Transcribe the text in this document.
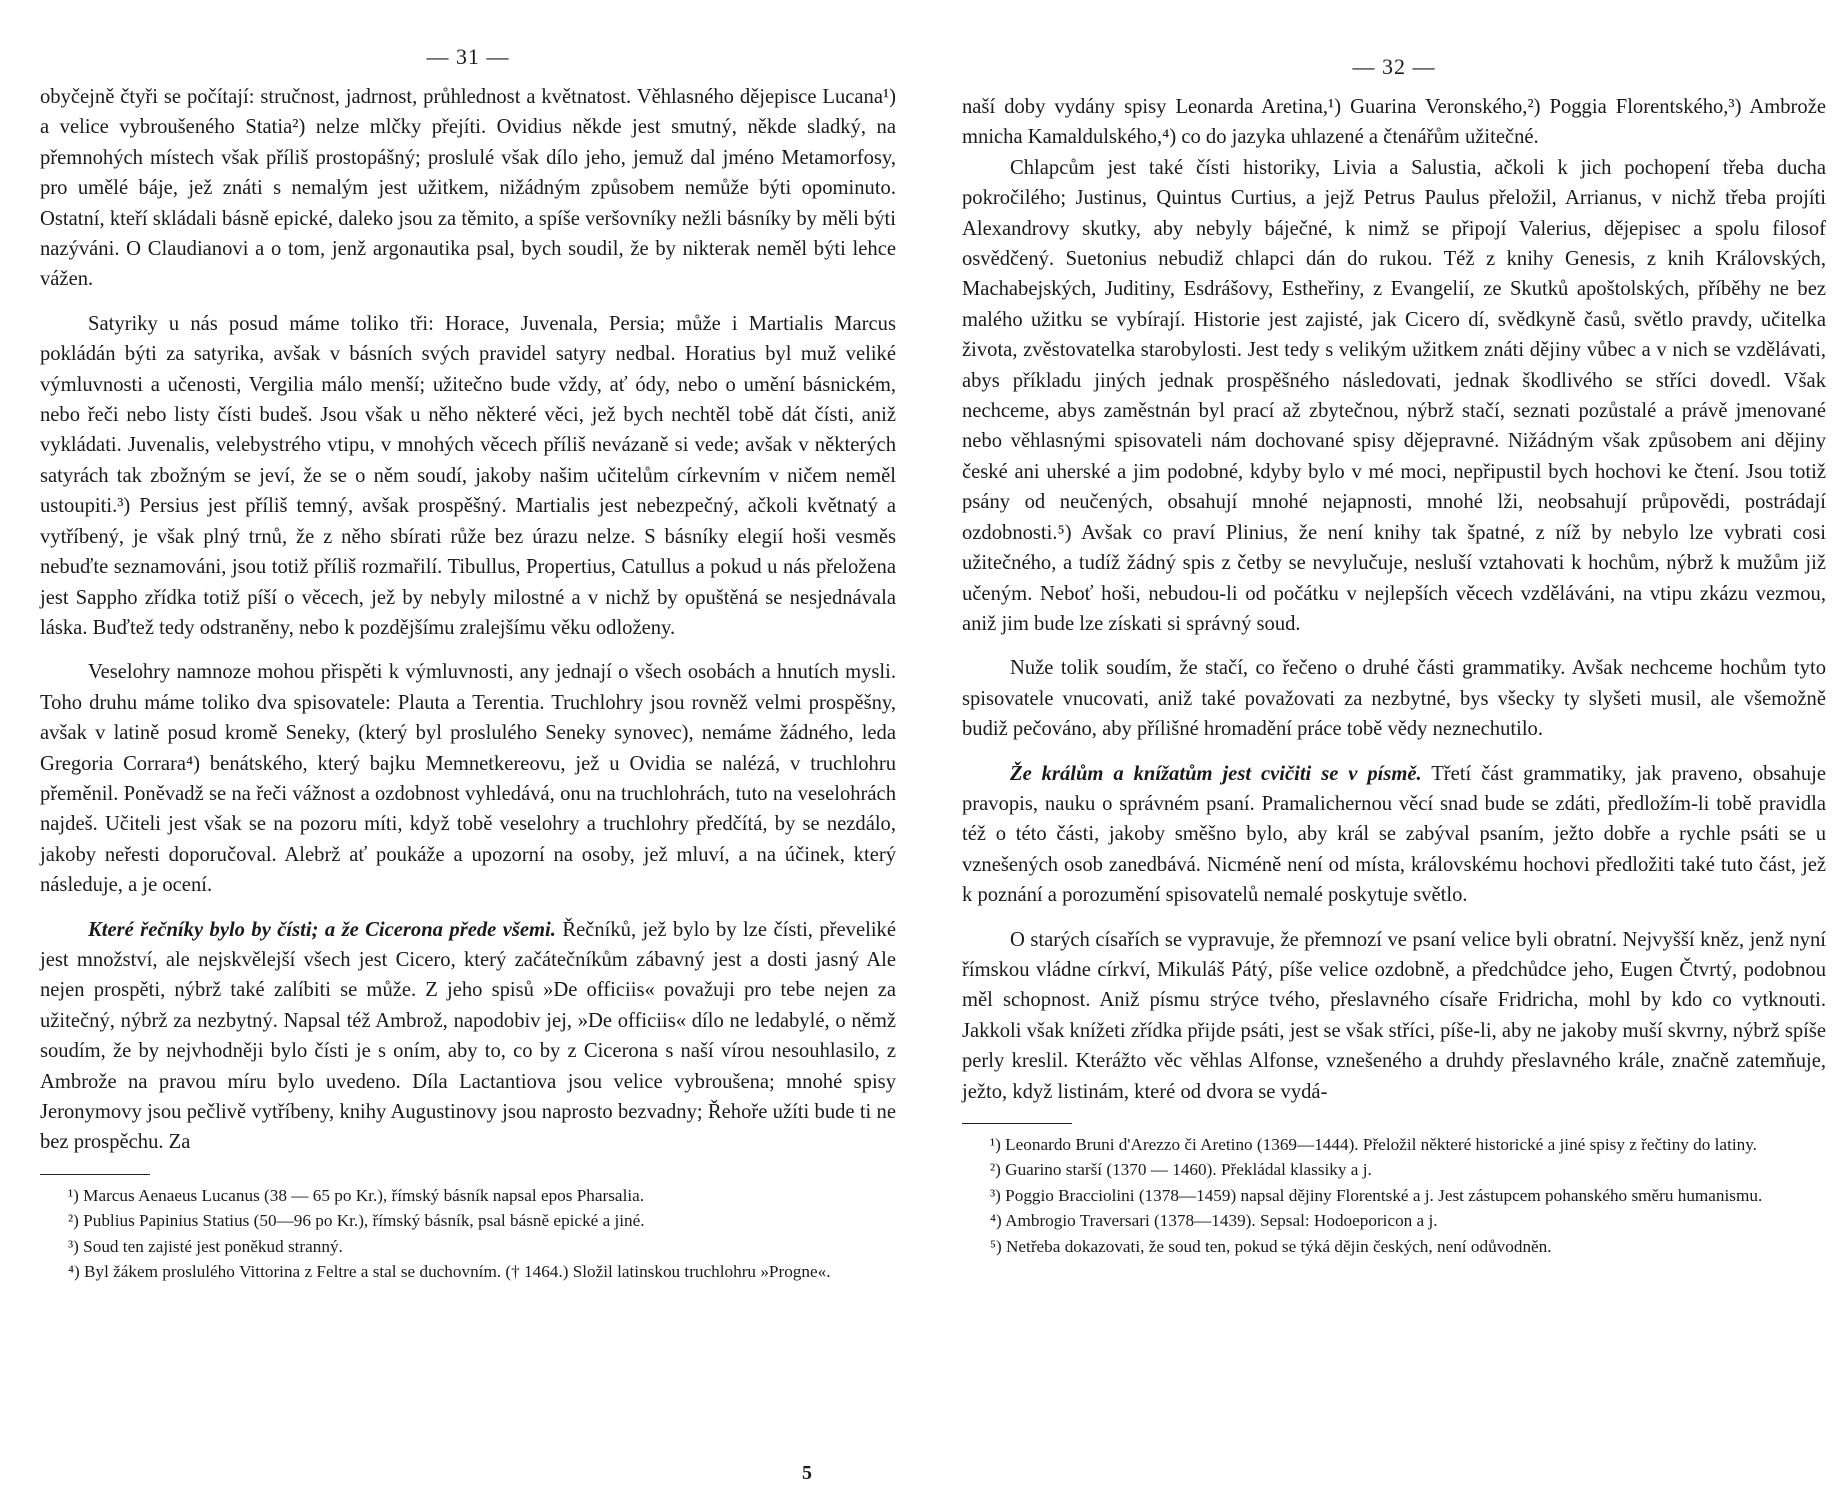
— 31 —

obyčejně čtyři se počítají: stručnost, jadrnost, průhlednost a květnatost. Věhlasného dějepisce Lucana¹) a velice vybroušeného Statia²) nelze mlčky přejíti. Ovidius někde jest smutný, někde sladký, na přemnohých místech však příliš prostopášný; proslulé však dílo jeho, jemuž dal jméno Metamorfosy, pro umělé báje, jež znáti s nemalým jest užitkem, nižádným způsobem nemůže býti opominuto. Ostatní, kteří skládali básně epické, daleko jsou za těmito, a spíše veršovníky nežli básníky by měli býti nazýváni. O Claudianovi a o tom, jenž argonautika psal, bych soudil, že by nikterak neměl býti lehce vážen.

Satyriky u nás posud máme toliko tři: Horace, Juvenala, Persia; může i Martialis Marcus pokládán býti za satyrika, avšak v básních svých pravidel satyry nedbal. Horatius byl muž veliké výmluvnosti a učenosti, Vergilia málo menší; užitečno bude vždy, ať ódy, nebo o umění básnickém, nebo řeči nebo listy čísti budeš. Jsou však u něho některé věci, jež bych nechtěl tobě dát čísti, aniž vykládati. Juvenalis, velebystrého vtipu, v mnohých věcech příliš nevázaně si vede; avšak v některých satyrách tak zbožným se jeví, že se o něm soudí, jakoby našim učitelům církevním v ničem neměl ustoupiti.³) Persius jest příliš temný, avšak prospěšný. Martialis jest nebezpečný, ačkoli květnatý a vytříbený, je však plný trnů, že z něho sbírati růže bez úrazu nelze. S básníky elegií hoši vesměs nebuďte seznamováni, jsou totiž příliš rozmařilí. Tibullus, Propertius, Catullus a pokud u nás přeložena jest Sappho zřídka totiž píší o věcech, jež by nebyly milostné a v nichž by opuštěná se nesjednávala láska. Buďtež tedy odstraněny, nebo k pozdějšímu zralejšímu věku odloženy.

Veselohry namnoze mohou přispěti k výmluvnosti, any jednají o všech osobách a hnutích mysli. Toho druhu máme toliko dva spisovatele: Plauta a Terentia. Truchlohry jsou rovněž velmi prospěšny, avšak v latině posud kromě Seneky, (který byl prosluléhо Seneky synovec), nemáme žádného, leda Gregoria Corrara⁴) benátského, který bajku Memnetkereovu, jež u Ovidia se nalézá, v truchlohru přeměnil. Poněvadž se na řeči vážnost a ozdobnost vyhledává, onu na truchlohrách, tuto na veselohrách najdeš. Učiteli jest však se na pozoru míti, když tobě veselohry a truchlohry předčítá, by se nezdálo, jakoby neřesti doporučoval. Alebrž ať poukáže a upozorní na osoby, jež mluví, a na účinek, který následuje, a je ocení.

Které řečníky bylo by čísti; a že Cicerona přede všemi. Řečníků, jež bylo by lze čísti, převeliké jest množství, ale nejskvělejší všech jest Cicero, který začátečníkům zábavný jest a dosti jasný Ale nejen prospěti, nýbrž také zalíbiti se může. Z jeho spisů »De officiis« považuji pro tebe nejen za užitečný, nýbrž za nezbytný. Napsal též Ambrož, napodobiv jej, »De officiis« dílo ne ledabylé, o němž soudím, že by nejvhodněji bylo čísti je s oním, aby to, co by z Cicerona s naší vírou nesouhlasilo, z Ambrože na pravou míru bylo uvedeno. Díla Lactantiova jsou velice vybroušena; mnohé spisy Jeronymovy jsou pečlivě vytříbeny, knihy Augustinovy jsou naprosto bezvadny; Řehoře užíti bude ti ne bez prospěchu. Za

¹) Marcus Aenaeus Lucanus (38 — 65 po Kr.), římský básník napsal epos Pharsalia.

²) Publius Papinius Statius (50—96 po Kr.), římský básník, psal básně epické a jiné.

³) Soud ten zajisté jest poněkud stranný.

⁴) Byl žákem prosluléhо Vittorina z Feltre a stal se duchovním. († 1464.) Složil latinskou truchlohru »Progne«.

5
— 32 —

naší doby vydány spisy Leonarda Aretina,¹) Guarina Veronského,²) Poggia Florentského,³) Ambrože mnicha Kamaldulského,⁴) co do jazyka uhlazené a čtenářům užitečné.

Chlapcům jest také čísti historiky, Livia a Salustia, ačkoli k jich pochopení třeba ducha pokročilého; Justinus, Quintus Curtius, a jejž Petrus Paulus přeložil, Arrianus, v nichž třeba projíti Alexandrovy skutky, aby nebyly báječné, k nimž se připojí Valerius, dějepisec a spolu filosof osvědčený. Suetonius nebudiž chlapci dán do rukou. Též z knihy Genesis, z knih Královských, Machabejských, Juditiny, Esdrášovy, Estheřiny, z Evangelií, ze Skutků apoštolských, příběhy ne bez malého užitku se vybírají. Historie jest zajisté, jak Cicero dí, svědkyně časů, světlo pravdy, učitelka života, zvěstovatelka starobylosti. Jest tedy s velikým užitkem znáti dějiny vůbec a v nich se vzdělávati, abys příkladu jiných jednak prospěšného následovati, jednak škodlivého se stříci dovedl. Však nechceme, abys zaměstnán byl prací až zbytečnou, nýbrž stačí, seznati pozůstalé a právě jmenované nebo věhlasnými spisovateli nám dochované spisy dějepravné. Nižádným však způsobem ani dějiny české ani uherské a jim podobné, kdyby bylo v mé moci, nepřipustil bych hochovi ke čtení. Jsou totiž psány od neučených, obsahují mnohé nejapnosti, mnohé lži, neobsahují průpovědi, postrádají ozdobnosti.⁵) Avšak co praví Plinius, že není knihy tak špatné, z níž by nebylo lze vybrati cosi užitečného, a tudíž žádný spis z četby se nevylučuje, nesluší vztahovati k hochům, nýbrž k mužům již učeným. Neboť hoši, nebudou-li od počátku v nejlepších věcech vzděláváni, na vtipu zkázu vezmou, aniž jim bude lze získati si správný soud.

Nuže tolik soudím, že stačí, co řečeno o druhé části grammatiky. Avšak nechceme hochům tyto spisovatele vnucovati, aniž také považovati za nezbytné, bys všecky ty slyšeti musil, ale všemožně budiž pečováno, aby přílišné hromadění práce tobě vědy neznechutilo.

Že králům a knížatům jest cvičiti se v písmě. Třetí část grammatiky, jak praveno, obsahuje pravopis, nauku o správném psaní. Pramalichernou věcí snad bude se zdáti, předložím-li tobě pravidla též o této části, jakoby směšno bylo, aby král se zabýval psaním, ježto dobře a rychle psáti se u vznešených osob zanedbává. Nicméně není od místa, královskému hochovi předložiti také tuto část, jež k poznání a porozumění spisovatelů nemalé poskytuje světlo.

O starých císařích se vypravuje, že přemnozí ve psaní velice byli obratní. Nejvyšší kněz, jenž nyní římskou vládne církví, Mikuláš Pátý, píše velice ozdobně, a předchůdce jeho, Eugen Čtvrtý, podobnou měl schopnost. Aniž písmu strýce tvého, přeslavného císaře Fridricha, mohl by kdo co vytknouti. Jakkoli však knížeti zřídka přijde psáti, jest se však stříci, píše-li, aby ne jakoby muší skvrny, nýbrž spíše perly kreslil. Kterážto věc věhlas Alfonse, vznešeného a druhdy přeslavného krále, značně zatemňuje, ježto, když listinám, které od dvora se vydá-

¹) Leonardo Bruni d'Arezzo či Aretino (1369—1444). Přeložil některé historické a jiné spisy z řečtiny do latiny.

²) Guarino starší (1370 — 1460). Překládal klassiky a j.

³) Poggio Bracciolini (1378—1459) napsal dějiny Florentské a j. Jest zástupcem pohanského směru humanismu.

⁴) Ambrogio Traversari (1378—1439). Sepsal: Hodoeporicon a j.

⁵) Netřeba dokazovati, že soud ten, pokud se týká dějin českých, není odůvodněn.
